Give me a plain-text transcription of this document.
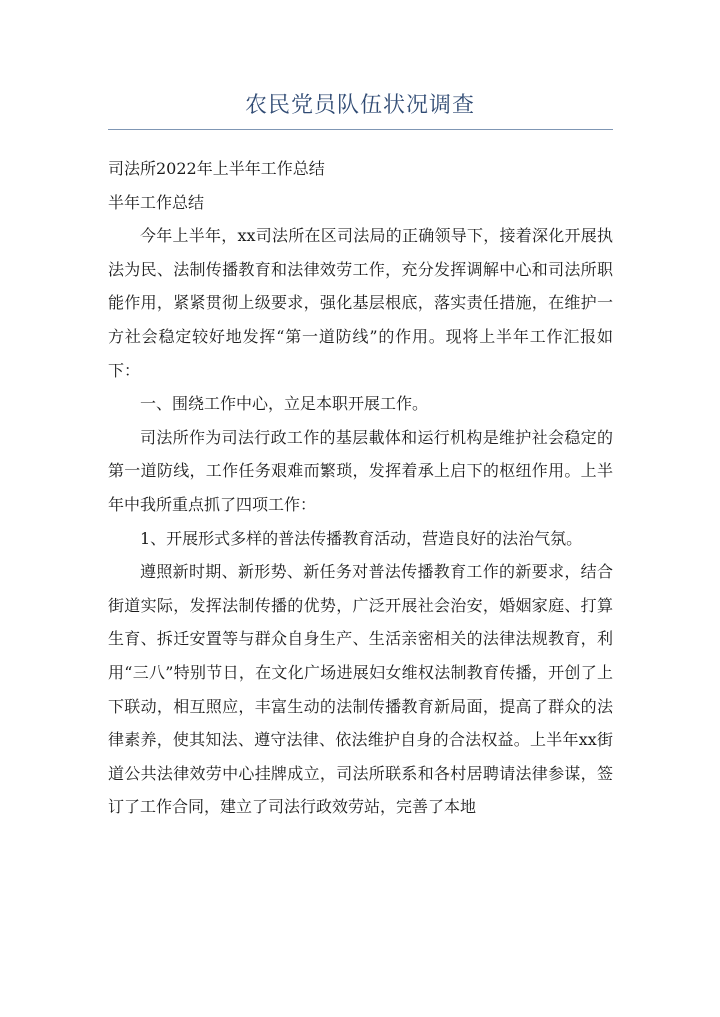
农民党员队伍状况调查

司法所2022年上半年工作总结

半年工作总结

今年上半年，xx司法所在区司法局的正确领导下，接着深化开展执法为民、法制传播教育和法律效劳工作，充分发挥调解中心和司法所职能作用，紧紧贯彻上级要求，强化基层根底，落实责任措施，在维护一方社会稳定较好地发挥“第一道防线”的作用。现将上半年工作汇报如下：

一、围绕工作中心，立足本职开展工作。

司法所作为司法行政工作的基层載体和运行机构是维护社会稳定的第一道防线，工作任务艰难而繁琐，发挥着承上启下的枢纽作用。上半年中我所重点抓了四项工作：

1、开展形式多样的普法传播教育活动，营造良好的法治气氛。

遵照新时期、新形势、新任务对普法传播教育工作的新要求，结合街道实际，发挥法制传播的优势，广泛开展社会治安，婚姻家庭、打算生育、拆迁安置等与群众自身生产、生活亲密相关的法律法规教育，利用“三八”特别节日，在文化广场进展妇女维权法制教育传播，开创了上下联动，相互照应，丰富生动的法制传播教育新局面，提高了群众的法律素养，使其知法、遵守法律、依法维护自身的合法权益。上半年xx街道公共法律效劳中心挂牌成立，司法所联系和各村居聘请法律参谋，签订了工作合同，建立了司法行政效劳站，完善了本地
